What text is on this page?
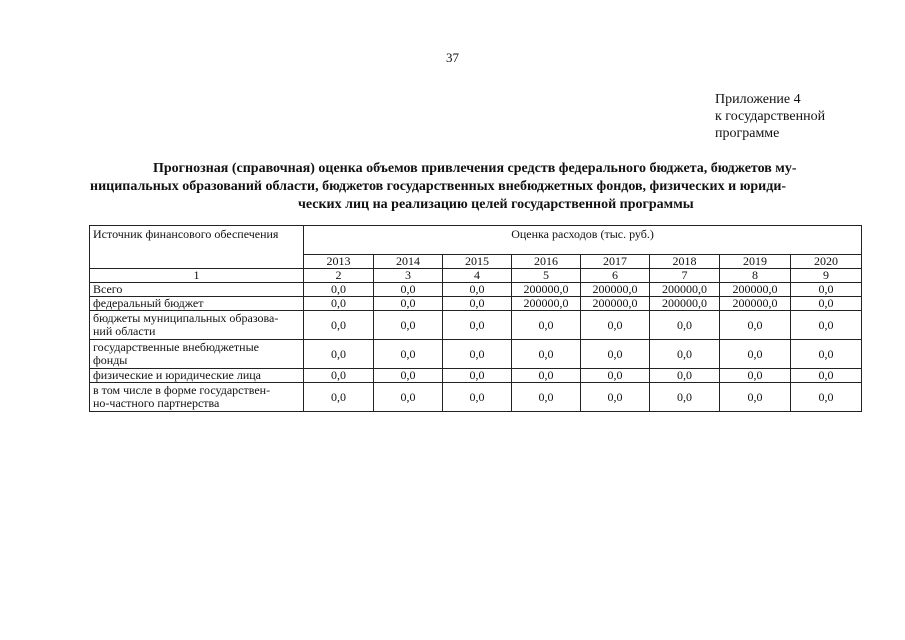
37
Приложение 4
к государственной
программе
Прогнозная (справочная) оценка объемов привлечения средств федерального бюджета, бюджетов му-
ниципальных образований области, бюджетов государственных внебюджетных фондов, физических и юриди-
ческих лиц на реализацию целей государственной программы
Источник финансового обеспечения	Оценка расходов (тыс. руб.)							
	2013	2014	2015	2016	2017	2018	2019	2020
1	2	3	4	5	6	7	8	9

Всего	0,0	0,0	0,0	200000,0	200000,0	200000,0	200000,0	0,0

федеральный бюджет	0,0	0,0	0,0	200000,0	200000,0	200000,0	200000,0	0,0

бюджеты муниципальных образова-
ний области	0,0	0,0	0,0	0,0	0,0	0,0	0,0	0,0

государственные внебюджетные
фонды	0,0	0,0	0,0	0,0	0,0	0,0	0,0	0,0

физические и юридические лица	0,0	0,0	0,0	0,0	0,0	0,0	0,0	0,0

в том числе в форме государствен-
но-частного партнерства	0,0	0,0	0,0	0,0	0,0	0,0	0,0	0,0
